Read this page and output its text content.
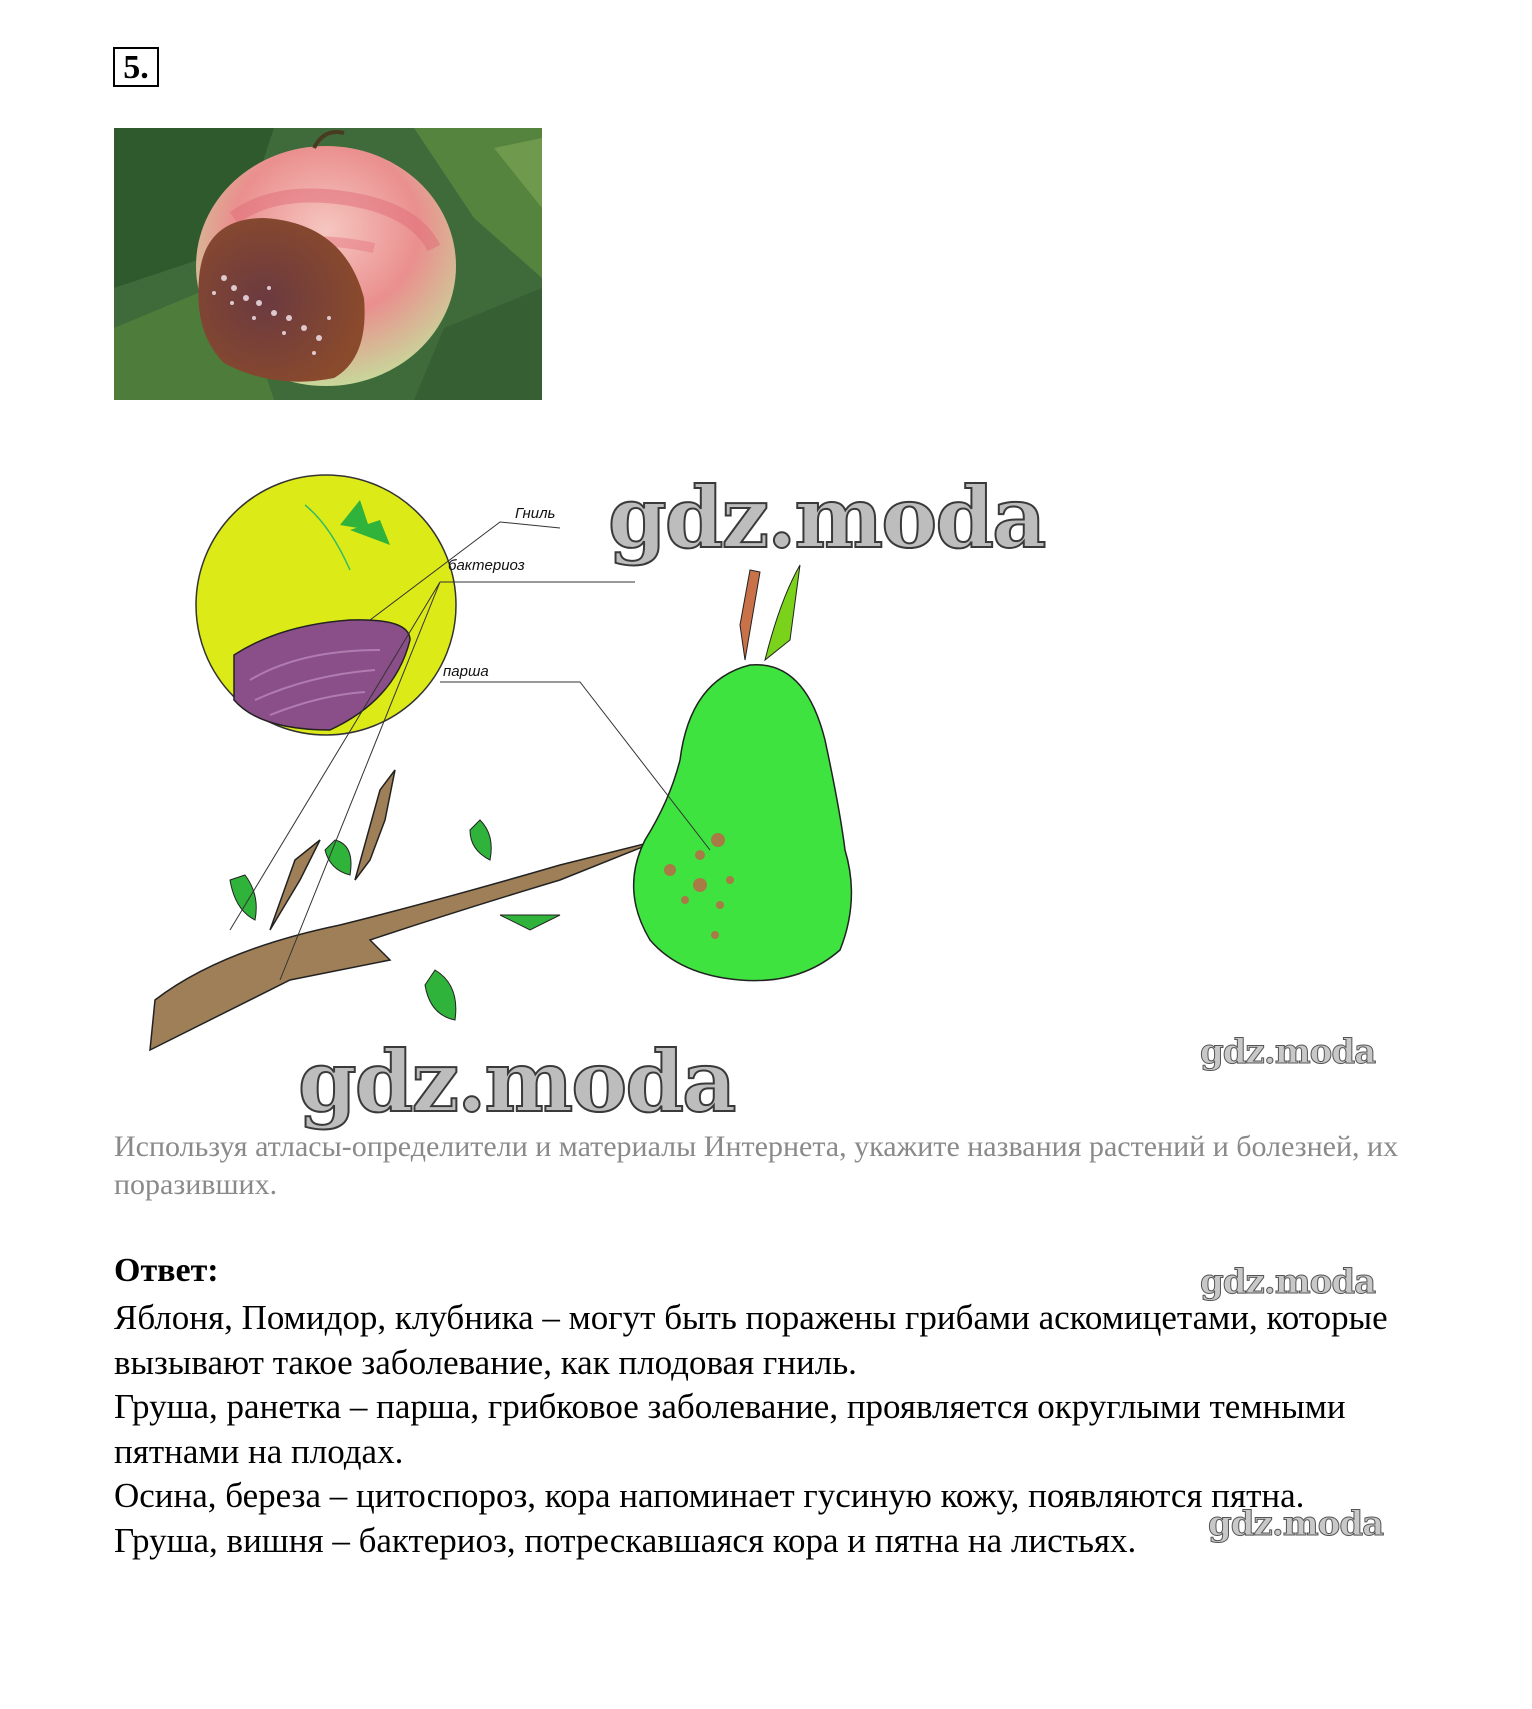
5.
Гниль
бактериоз
парша
gdz.moda
gdz.moda	gdz.moda
gdz.moda
gdz.moda
Используя атласы-определители и материалы Интернета, укажите названия растений и болезней, их поразивших.
Ответ:

Яблоня, Помидор, клубника – могут быть поражены грибами аскомицетами, которые вызывают такое заболевание, как плодовая гниль.

Груша, ранетка – парша, грибковое заболевание, проявляется округлыми темными пятнами на плодах.

Осина, береза – цитоспороз, кора напоминает гусиную кожу, появляются пятна.

Груша, вишня – бактериоз, потрескавшаяся кора и пятна на листьях.
